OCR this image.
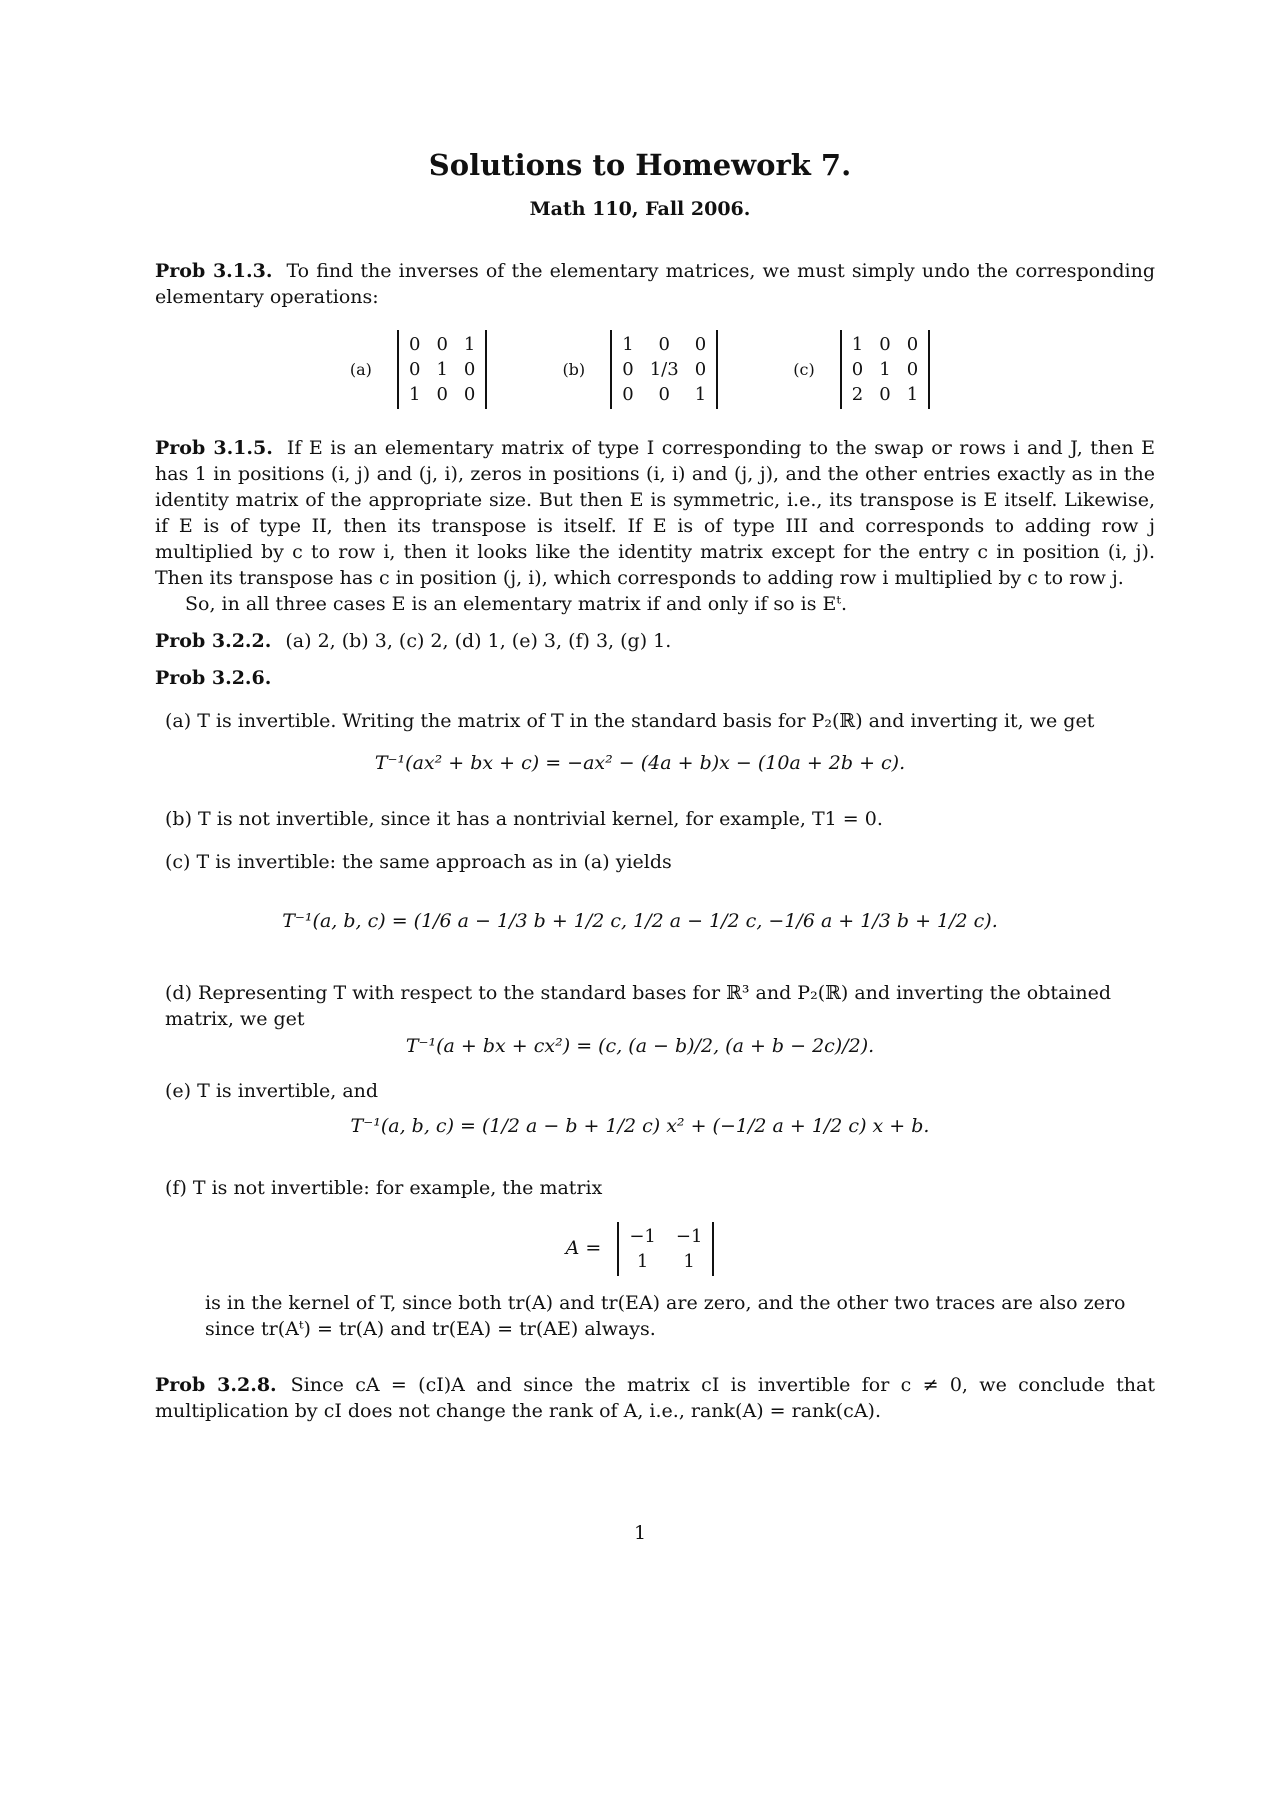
Solutions to Homework 7.
Math 110, Fall 2006.
Prob 3.1.3. To find the inverses of the elementary matrices, we must simply undo the corresponding elementary operations:
(a)
0 0 1
0 1 0
1 0 0
(b)
1	0	0
0 1/3 0
0	0	1
(c)
1 0 0
0 1 0
2 0 1
Prob 3.1.5. If E is an elementary matrix of type I corresponding to the swap or rows i and J, then E has 1 in positions (i, j) and (j, i), zeros in positions (i, i) and (j, j), and the other entries exactly as in the identity matrix of the appropriate size. But then E is symmetric, i.e., its transpose is E itself. Likewise, if E is of type II, then its transpose is itself. If E is of type III and corresponds to adding row j multiplied by c to row i, then it looks like the identity matrix except for the entry c in position (i, j). Then its transpose has c in position (j, i), which corresponds to adding row i multiplied by c to row j.
So, in all three cases E is an elementary matrix if and only if so is Eᵗ.
Prob 3.2.2. (a) 2, (b) 3, (c) 2, (d) 1, (e) 3, (f) 3, (g) 1.
Prob 3.2.6.
(a) T is invertible. Writing the matrix of T in the standard basis for P₂(ℝ) and inverting it, we get
T⁻¹(ax² + bx + c) = −ax² − (4a + b)x − (10a + 2b + c).
(b) T is not invertible, since it has a nontrivial kernel, for example, T1 = 0.
(c) T is invertible: the same approach as in (a) yields
T⁻¹(a, b, c) = (1/6 a − 1/3 b + 1/2 c, 1/2 a − 1/2 c, −1/6 a + 1/3 b + 1/2 c).
(d) Representing T with respect to the standard bases for ℝ³ and P₂(ℝ) and inverting the obtained matrix, we get
T⁻¹(a + bx + cx²) = (c, (a − b)/2, (a + b − 2c)/2).
(e) T is invertible, and
T⁻¹(a, b, c) = (1/2 a − b + 1/2 c) x² + (−1/2 a + 1/2 c) x + b.
(f) T is not invertible: for example, the matrix
A =
−1 −1
1	1
is in the kernel of T, since both tr(A) and tr(EA) are zero, and the other two traces are also zero since tr(Aᵗ) = tr(A) and tr(EA) = tr(AE) always.
Prob 3.2.8. Since cA = (cI)A and since the matrix cI is invertible for c ≠ 0, we conclude that multiplication by cI does not change the rank of A, i.e., rank(A) = rank(cA).
1
